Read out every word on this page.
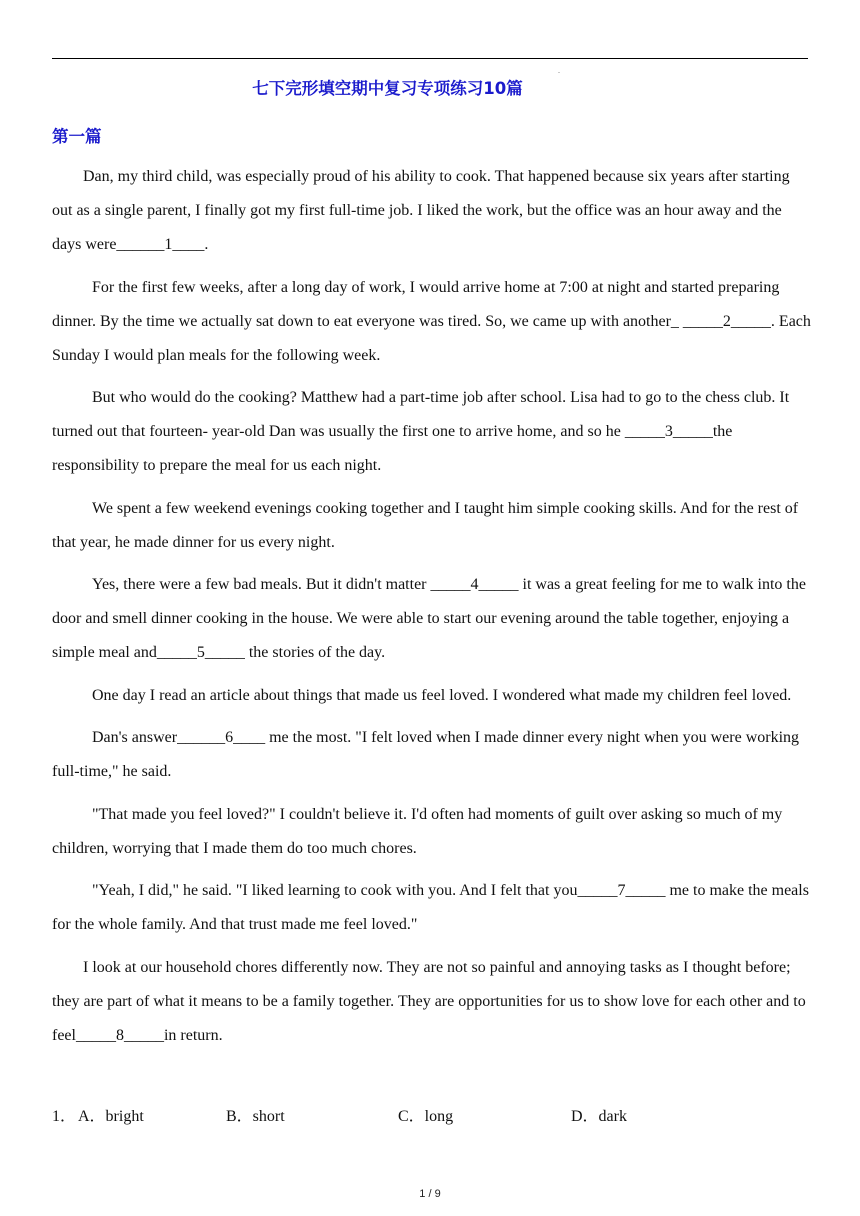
.
七下完形填空期中复习专项练习10篇
第一篇

Dan, my third child, was especially proud of his ability to cook. That happened because six years after starting out as a single parent, I finally got my first full-time job. I liked the work, but the office was an hour away and the days were______1____.

For the first few weeks, after a long day of work, I would arrive home at 7:00 at night and started preparing dinner. By the time we actually sat down to eat everyone was tired. So, we came up with another_ _____2_____. Each Sunday I would plan meals for the following week.

But who would do the cooking? Matthew had a part-time job after school. Lisa had to go to the chess club. It turned out that fourteen- year-old Dan was usually the first one to arrive home, and so he _____3_____the responsibility to prepare the meal for us each night.

We spent a few weekend evenings cooking together and I taught him simple cooking skills. And for the rest of that year, he made dinner for us every night.

Yes, there were a few bad meals. But it didn't matter _____4_____ it was a great feeling for me to walk into the door and smell dinner cooking in the house. We were able to start our evening around the table together, enjoying a simple meal and_____5_____ the stories of the day.

One day I read an article about things that made us feel loved. I wondered what made my children feel loved.

Dan's answer______6____ me the most. "I felt loved when I made dinner every night when you were working full-time," he said.

"That made you feel loved?" I couldn't believe it. I'd often had moments of guilt over asking so much of my children, worrying that I made them do too much chores.

"Yeah, I did," he said. "I liked learning to cook with you. And I felt that you_____7_____ me to make the meals for the whole family. And that trust made me feel loved."

I look at our household chores differently now. They are not so painful and annoying tasks as I thought before; they are part of what it means to be a family together. They are opportunities for us to show love for each other and to feel_____8_____in return.

1． A．bright	B．short	C．long	D．dark
1 / 9
